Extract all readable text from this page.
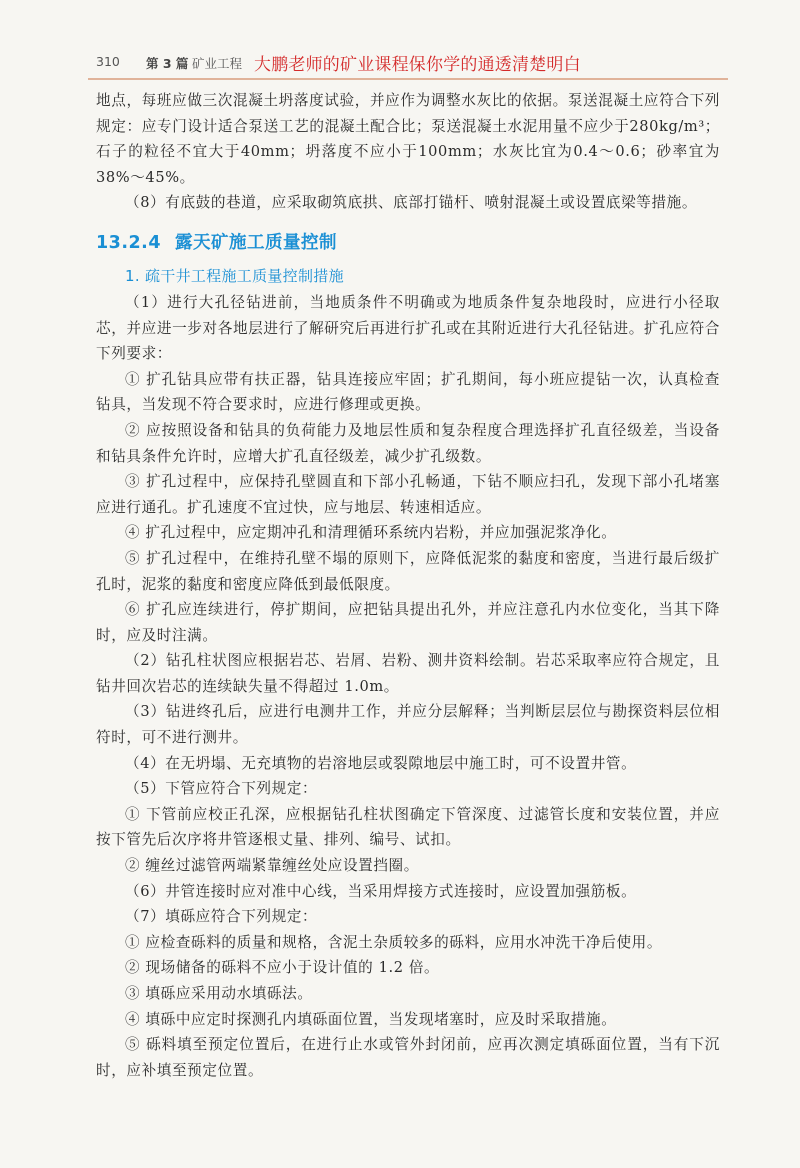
310 第 3 篇 矿业工程 大鹏老师的矿业课程保你学的通透清楚明白

地点，每班应做三次混凝土坍落度试验，并应作为调整水灰比的依据。泵送混凝土应符合下列规定：应专门设计适合泵送工艺的混凝土配合比；泵送混凝土水泥用量不应少于280kg/m³；石子的粒径不宜大于40mm；坍落度不应小于100mm；水灰比宜为0.4～0.6；砂率宜为38%～45%。

（8）有底鼓的巷道，应采取砌筑底拱、底部打锚杆、喷射混凝土或设置底梁等措施。

13.2.4 露天矿施工质量控制
1. 疏干井工程施工质量控制措施

（1）进行大孔径钻进前，当地质条件不明确或为地质条件复杂地段时，应进行小径取芯，并应进一步对各地层进行了解研究后再进行扩孔或在其附近进行大孔径钻进。扩孔应符合下列要求：

① 扩孔钻具应带有扶正器，钻具连接应牢固；扩孔期间，每小班应提钻一次，认真检查钻具，当发现不符合要求时，应进行修理或更换。

② 应按照设备和钻具的负荷能力及地层性质和复杂程度合理选择扩孔直径级差，当设备和钻具条件允许时，应增大扩孔直径级差，减少扩孔级数。

③ 扩孔过程中，应保持孔壁圆直和下部小孔畅通，下钻不顺应扫孔，发现下部小孔堵塞应进行通孔。扩孔速度不宜过快，应与地层、转速相适应。

④ 扩孔过程中，应定期冲孔和清理循环系统内岩粉，并应加强泥浆净化。

⑤ 扩孔过程中，在维持孔壁不塌的原则下，应降低泥浆的黏度和密度，当进行最后级扩孔时，泥浆的黏度和密度应降低到最低限度。

⑥ 扩孔应连续进行，停扩期间，应把钻具提出孔外，并应注意孔内水位变化，当其下降时，应及时注满。

（2）钻孔柱状图应根据岩芯、岩屑、岩粉、测井资料绘制。岩芯采取率应符合规定，且钻井回次岩芯的连续缺失量不得超过 1.0m。

（3）钻进终孔后，应进行电测井工作，并应分层解释；当判断层层位与勘探资料层位相符时，可不进行测井。

（4）在无坍塌、无充填物的岩溶地层或裂隙地层中施工时，可不设置井管。

（5）下管应符合下列规定：

① 下管前应校正孔深，应根据钻孔柱状图确定下管深度、过滤管长度和安装位置，并应按下管先后次序将井管逐根丈量、排列、编号、试扣。

② 缠丝过滤管两端紧靠缠丝处应设置挡圈。

（6）井管连接时应对准中心线，当采用焊接方式连接时，应设置加强筋板。

（7）填砾应符合下列规定：

① 应检查砾料的质量和规格，含泥土杂质较多的砾料，应用水冲洗干净后使用。

② 现场储备的砾料不应小于设计值的 1.2 倍。

③ 填砾应采用动水填砾法。

④ 填砾中应定时探测孔内填砾面位置，当发现堵塞时，应及时采取措施。

⑤ 砾料填至预定位置后，在进行止水或管外封闭前，应再次测定填砾面位置，当有下沉时，应补填至预定位置。
